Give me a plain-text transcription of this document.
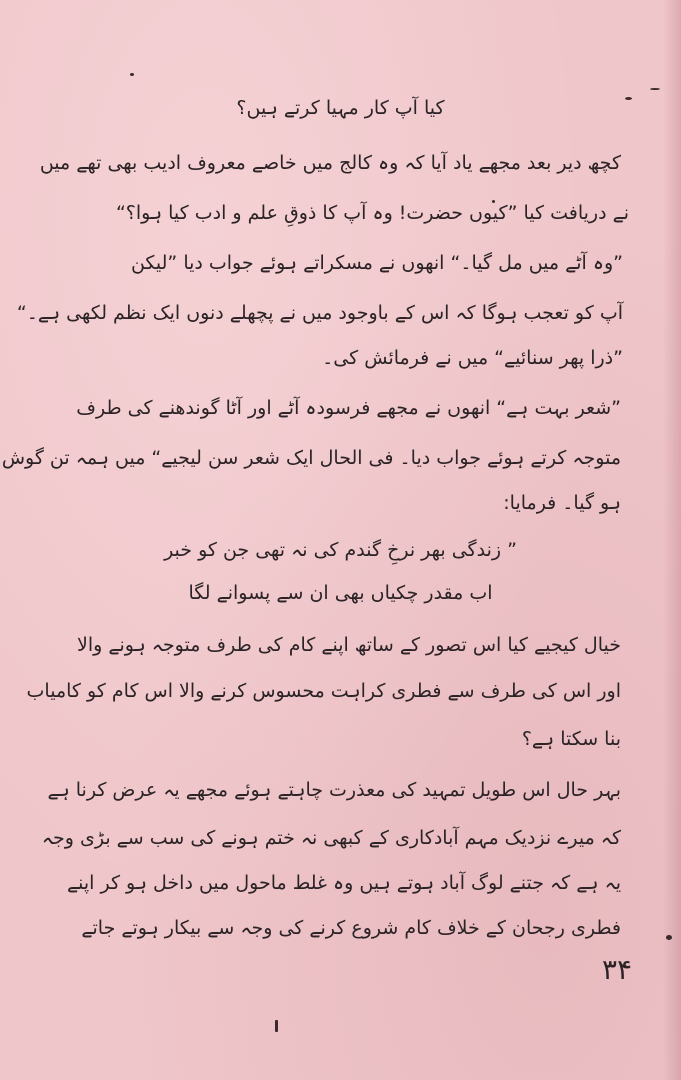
کیا آپ کار مہیا کرتے ہیں؟
کچھ دیر بعد مجھے یاد آیا کہ وہ کالج میں خاصے معروف ادیب بھی تھے میں
نے دریافت کیا ”کیوں حضرت! وہ آپ کا ذوقِ علم و ادب کیا ہوا؟“
”وہ آٹے میں مل گیا۔“ انھوں نے مسکراتے ہوئے جواب دیا ”لیکن
آپ کو تعجب ہوگا کہ اس کے باوجود میں نے پچھلے دنوں ایک نظم لکھی ہے۔“
”ذرا پھر سنائیے“ میں نے فرمائش کی۔
”شعر بہت ہے“ انھوں نے مجھے فرسودہ آٹے اور آٹا گوندھنے کی طرف
متوجہ کرتے ہوئے جواب دیا۔ فی الحال ایک شعر سن لیجیے“ میں ہمہ تن گوش
ہو گیا۔ فرمایا:
” زندگی بھر نرخِ گندم کی نہ تھی جن کو خبر
اب مقدر چکیاں بھی ان سے پسوانے لگا
خیال کیجیے کیا اس تصور کے ساتھ اپنے کام کی طرف متوجہ ہونے والا
اور اس کی طرف سے فطری کراہت محسوس کرنے والا اس کام کو کامیاب
بنا سکتا ہے؟
بہر حال اس طویل تمہید کی معذرت چاہتے ہوئے مجھے یہ عرض کرنا ہے
کہ میرے نزدیک مہم آبادکاری کے کبھی نہ ختم ہونے کی سب سے بڑی وجہ
یہ ہے کہ جتنے لوگ آباد ہوتے ہیں وہ غلط ماحول میں داخل ہو کر اپنے
فطری رجحان کے خلاف کام شروع کرنے کی وجہ سے بیکار ہوتے جاتے
۳۴
